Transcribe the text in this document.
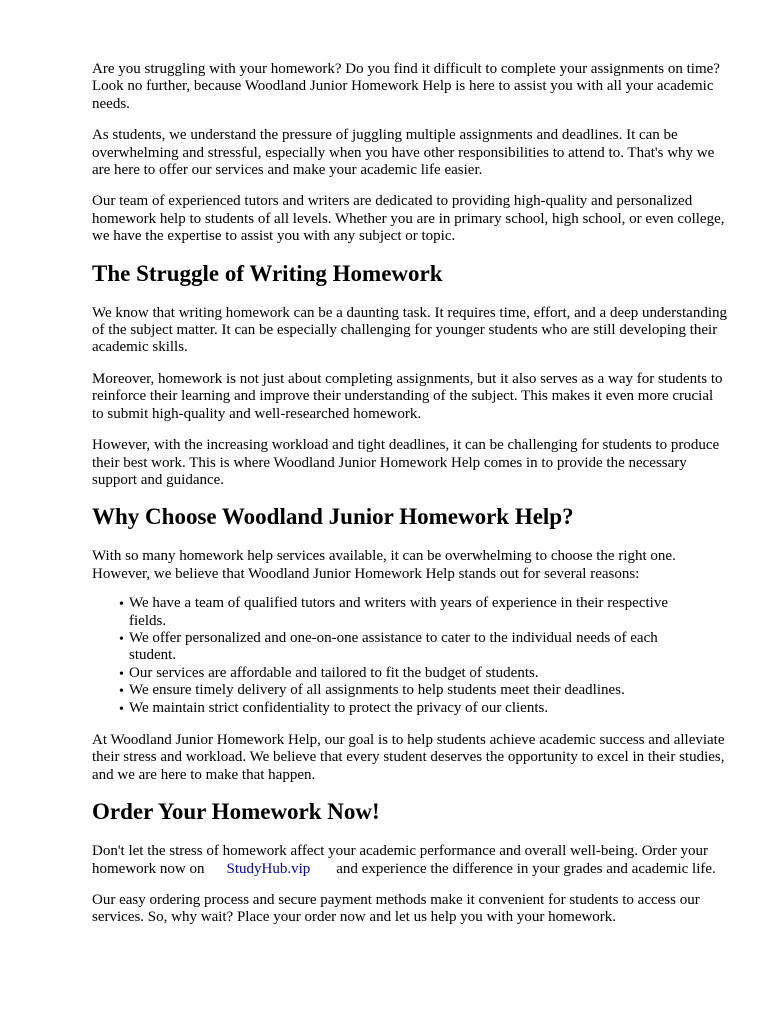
Are you struggling with your homework? Do you find it difficult to complete your assignments on time? Look no further, because Woodland Junior Homework Help is here to assist you with all your academic needs.

As students, we understand the pressure of juggling multiple assignments and deadlines. It can be overwhelming and stressful, especially when you have other responsibilities to attend to. That's why we are here to offer our services and make your academic life easier.

Our team of experienced tutors and writers are dedicated to providing high-quality and personalized homework help to students of all levels. Whether you are in primary school, high school, or even college, we have the expertise to assist you with any subject or topic.

The Struggle of Writing Homework

We know that writing homework can be a daunting task. It requires time, effort, and a deep understanding of the subject matter. It can be especially challenging for younger students who are still developing their academic skills.

Moreover, homework is not just about completing assignments, but it also serves as a way for students to reinforce their learning and improve their understanding of the subject. This makes it even more crucial to submit high-quality and well-researched homework.

However, with the increasing workload and tight deadlines, it can be challenging for students to produce their best work. This is where Woodland Junior Homework Help comes in to provide the necessary support and guidance.

Why Choose Woodland Junior Homework Help?

With so many homework help services available, it can be overwhelming to choose the right one. However, we believe that Woodland Junior Homework Help stands out for several reasons:

• We have a team of qualified tutors and writers with years of experience in their respective fields.
• We offer personalized and one-on-one assistance to cater to the individual needs of each student.
• Our services are affordable and tailored to fit the budget of students.
• We ensure timely delivery of all assignments to help students meet their deadlines.
• We maintain strict confidentiality to protect the privacy of our clients.

At Woodland Junior Homework Help, our goal is to help students achieve academic success and alleviate their stress and workload. We believe that every student deserves the opportunity to excel in their studies, and we are here to make that happen.

Order Your Homework Now!

Don't let the stress of homework affect your academic performance and overall well-being. Order your homework now on StudyHub.vip and experience the difference in your grades and academic life.

Our easy ordering process and secure payment methods make it convenient for students to access our services. So, why wait? Place your order now and let us help you with your homework.
